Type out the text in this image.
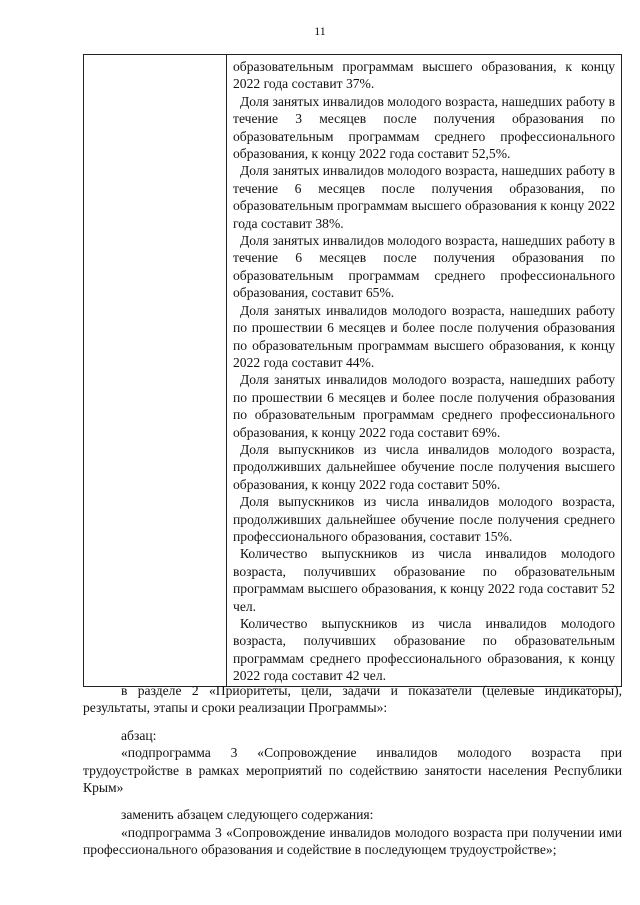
11

образовательным программам высшего образования, к концу 2022 года составит 37%.

Доля занятых инвалидов молодого возраста, нашедших работу в течение 3 месяцев после получения образования по образовательным программам среднего профессионального образования, к концу 2022 года составит 52,5%.

Доля занятых инвалидов молодого возраста, нашедших работу в течение 6 месяцев после получения образования, по образовательным программам высшего образования к концу 2022 года составит 38%.

Доля занятых инвалидов молодого возраста, нашедших работу в течение 6 месяцев после получения образования по образовательным программам среднего профессионального образования, составит 65%.

Доля занятых инвалидов молодого возраста, нашедших работу по прошествии 6 месяцев и более после получения образования по образовательным программам высшего образования, к концу 2022 года составит 44%.

Доля занятых инвалидов молодого возраста, нашедших работу по прошествии 6 месяцев и более после получения образования по образовательным программам среднего профессионального образования, к концу 2022 года составит 69%.

Доля выпускников из числа инвалидов молодого возраста, продолживших дальнейшее обучение после получения высшего образования, к концу 2022 года составит 50%.

Доля выпускников из числа инвалидов молодого возраста, продолживших дальнейшее обучение после получения среднего профессионального образования, составит 15%.

Количество выпускников из числа инвалидов молодого возраста, получивших образование по образовательным программам высшего образования, к концу 2022 года составит 52 чел.

Количество выпускников из числа инвалидов молодого возраста, получивших образование по образовательным программам среднего профессионального образования, к концу 2022 года составит 42 чел.

в разделе 2 «Приоритеты, цели, задачи и показатели (целевые индикаторы), результаты, этапы и сроки реализации Программы»:

абзац:

«подпрограмма 3 «Сопровождение инвалидов молодого возраста при трудоустройстве в рамках мероприятий по содействию занятости населения Республики Крым»

заменить абзацем следующего содержания:

«подпрограмма 3 «Сопровождение инвалидов молодого возраста при получении ими профессионального образования и содействие в последующем трудоустройстве»;
